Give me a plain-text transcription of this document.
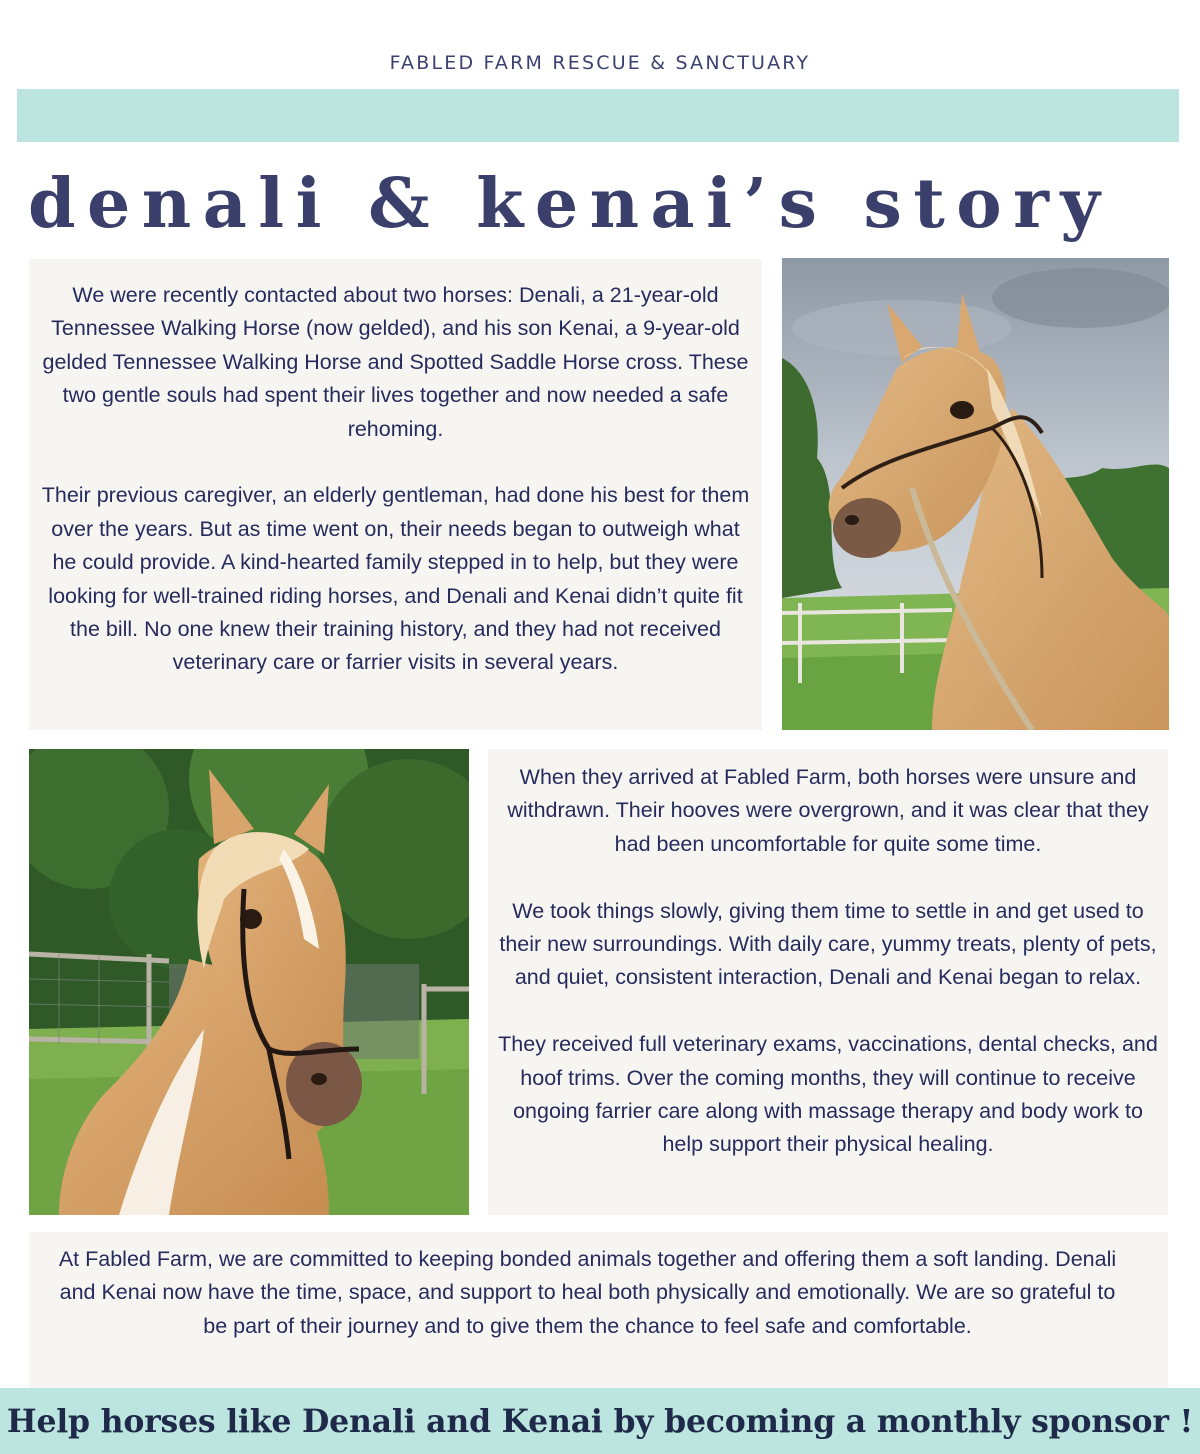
FABLED FARM RESCUE & SANCTUARY
denali & kenai’s story

We were recently contacted about two horses: Denali, a 21-year-old Tennessee Walking Horse (now gelded), and his son Kenai, a 9-year-old gelded Tennessee Walking Horse and Spotted Saddle Horse cross. These two gentle souls had spent their lives together and now needed a safe rehoming.

Their previous caregiver, an elderly gentleman, had done his best for them over the years. But as time went on, their needs began to outweigh what he could provide. A kind-hearted family stepped in to help, but they were looking for well-trained riding horses, and Denali and Kenai didn’t quite fit the bill. No one knew their training history, and they had not received veterinary care or farrier visits in several years.

When they arrived at Fabled Farm, both horses were unsure and withdrawn. Their hooves were overgrown, and it was clear that they had been uncomfortable for quite some time.

We took things slowly, giving them time to settle in and get used to their new surroundings. With daily care, yummy treats, plenty of pets, and quiet, consistent interaction, Denali and Kenai began to relax.

They received full veterinary exams, vaccinations, dental checks, and hoof trims. Over the coming months, they will continue to receive ongoing farrier care along with massage therapy and body work to help support their physical healing.

At Fabled Farm, we are committed to keeping bonded animals together and offering them a soft landing. Denali and Kenai now have the time, space, and support to heal both physically and emotionally. We are so grateful to be part of their journey and to give them the chance to feel safe and comfortable.

Help horses like Denali and Kenai by becoming a monthly sponsor !
